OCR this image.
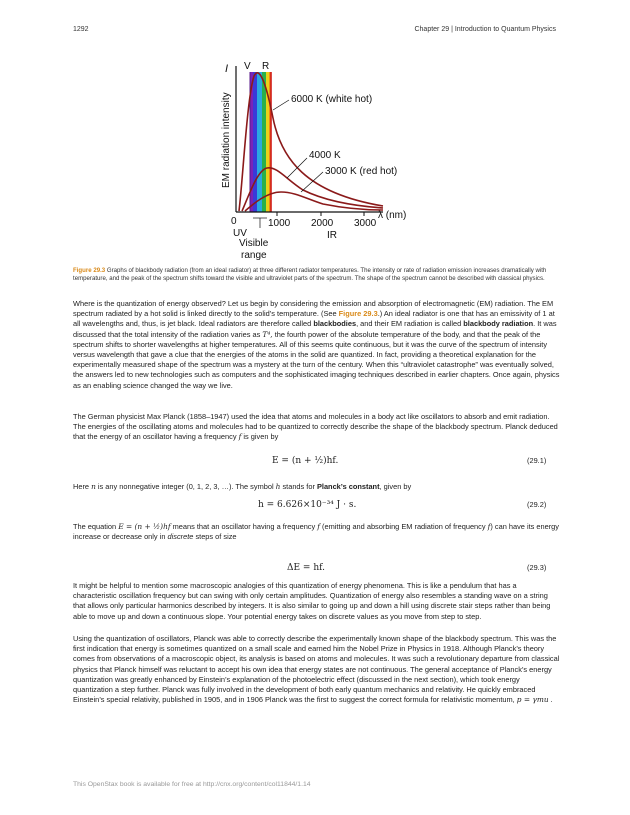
1292	Chapter 29 | Introduction to Quantum Physics
I
EM radiation intensity
V R
6000 K (white hot)
4000 K
3000 K (red hot)
0	1000 2000 3000
λ (nm)
UV	IR
Visible
range
Figure 29.3 Graphs of blackbody radiation (from an ideal radiator) at three different radiator temperatures. The intensity or rate of radiation emission increases dramatically with temperature, and the peak of the spectrum shifts toward the visible and ultraviolet parts of the spectrum. The shape of the spectrum cannot be described with classical physics.
Where is the quantization of energy observed? Let us begin by considering the emission and absorption of electromagnetic (EM) radiation. The EM spectrum radiated by a hot solid is linked directly to the solid’s temperature. (See Figure 29.3.) An ideal radiator is one that has an emissivity of 1 at all wavelengths and, thus, is jet black. Ideal radiators are therefore called blackbodies, and their EM radiation is called blackbody radiation. It was discussed that the total intensity of the radiation varies as T⁴, the fourth power of the absolute temperature of the body, and that the peak of the spectrum shifts to shorter wavelengths at higher temperatures. All of this seems quite continuous, but it was the curve of the spectrum of intensity versus wavelength that gave a clue that the energies of the atoms in the solid are quantized. In fact, providing a theoretical explanation for the experimentally measured shape of the spectrum was a mystery at the turn of the century. When this “ultraviolet catastrophe” was eventually solved, the answers led to new technologies such as computers and the sophisticated imaging techniques described in earlier chapters. Once again, physics as an enabling science changed the way we live.
The German physicist Max Planck (1858–1947) used the idea that atoms and molecules in a body act like oscillators to absorb and emit radiation. The energies of the oscillating atoms and molecules had to be quantized to correctly describe the shape of the blackbody spectrum. Planck deduced that the energy of an oscillator having a frequency f is given by
E = (n + ½)hf.	(29.1)
Here n is any nonnegative integer (0, 1, 2, 3, …). The symbol h stands for Planck’s constant, given by
h = 6.626×10⁻³⁴ J · s.	(29.2)
The equation E = (n + ½)hf means that an oscillator having a frequency f (emitting and absorbing EM radiation of frequency f) can have its energy increase or decrease only in discrete steps of size
ΔE = hf.	(29.3)
It might be helpful to mention some macroscopic analogies of this quantization of energy phenomena. This is like a pendulum that has a characteristic oscillation frequency but can swing with only certain amplitudes. Quantization of energy also resembles a standing wave on a string that allows only particular harmonics described by integers. It is also similar to going up and down a hill using discrete stair steps rather than being able to move up and down a continuous slope. Your potential energy takes on discrete values as you move from step to step.
Using the quantization of oscillators, Planck was able to correctly describe the experimentally known shape of the blackbody spectrum. This was the first indication that energy is sometimes quantized on a small scale and earned him the Nobel Prize in Physics in 1918. Although Planck’s theory comes from observations of a macroscopic object, its analysis is based on atoms and molecules. It was such a revolutionary departure from classical physics that Planck himself was reluctant to accept his own idea that energy states are not continuous. The general acceptance of Planck’s energy quantization was greatly enhanced by Einstein’s explanation of the photoelectric effect (discussed in the next section), which took energy quantization a step further. Planck was fully involved in the development of both early quantum mechanics and relativity. He quickly embraced Einstein’s special relativity, published in 1905, and in 1906 Planck was the first to suggest the correct formula for relativistic momentum, p = γmu .
This OpenStax book is available for free at http://cnx.org/content/col11844/1.14
